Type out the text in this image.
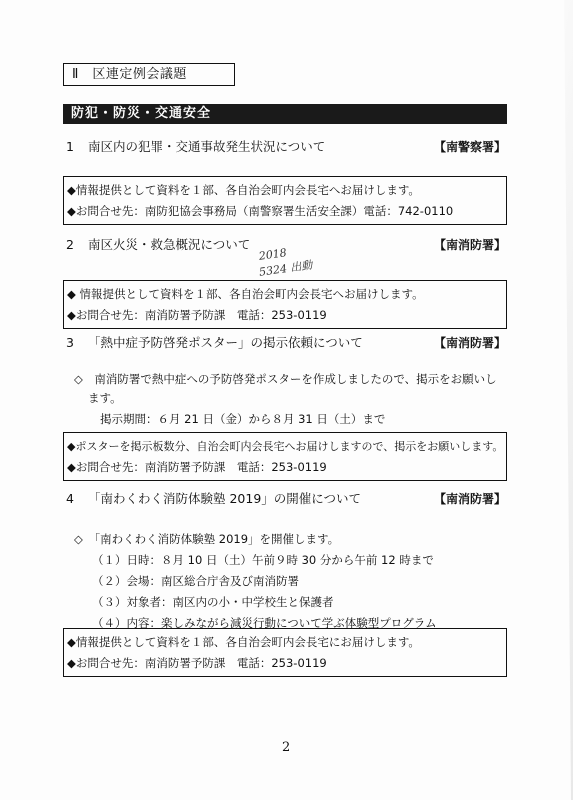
Ⅱ　区連定例会議題
防犯・防災・交通安全
1 南区内の犯罪・交通事故発生状況について	【南警察署】
◆情報提供として資料を１部、各自治会町内会長宅へお届けします。
◆お問合せ先：南防犯協会事務局（南警察署生活安全課）電話：742-0110
2 南区火災・救急概況について	【南消防署】
2018
5324 出動
◆ 情報提供として資料を１部、各自治会町内会長宅へお届けします。
◆お問合せ先：南消防署予防課　電話：253-0119
3 「熱中症予防啓発ポスター」の掲示依頼について	【南消防署】
◇　南消防署で熱中症への予防啓発ポスターを作成しましたので、掲示をお願いし
ます。
掲示期間：６月 21 日（金）から８月 31 日（土）まで
◆ポスターを掲示板数分、自治会町内会長宅へお届けしますので、掲示をお願いします。
◆お問合せ先：南消防署予防課　電話：253-0119
4 「南わくわく消防体験塾 2019」の開催について	【南消防署】
◇　「南わくわく消防体験塾 2019」を開催します。
（１）日時：８月 10 日（土）午前９時 30 分から午前 12 時まで
（２）会場：南区総合庁舎及び南消防署
（３）対象者：南区内の小・中学校生と保護者
（４）内容：楽しみながら減災行動について学ぶ体験型プログラム
◆情報提供として資料を１部、各自治会町内会長宅にお届けします。
◆お問合せ先：南消防署予防課　電話：253-0119
2
